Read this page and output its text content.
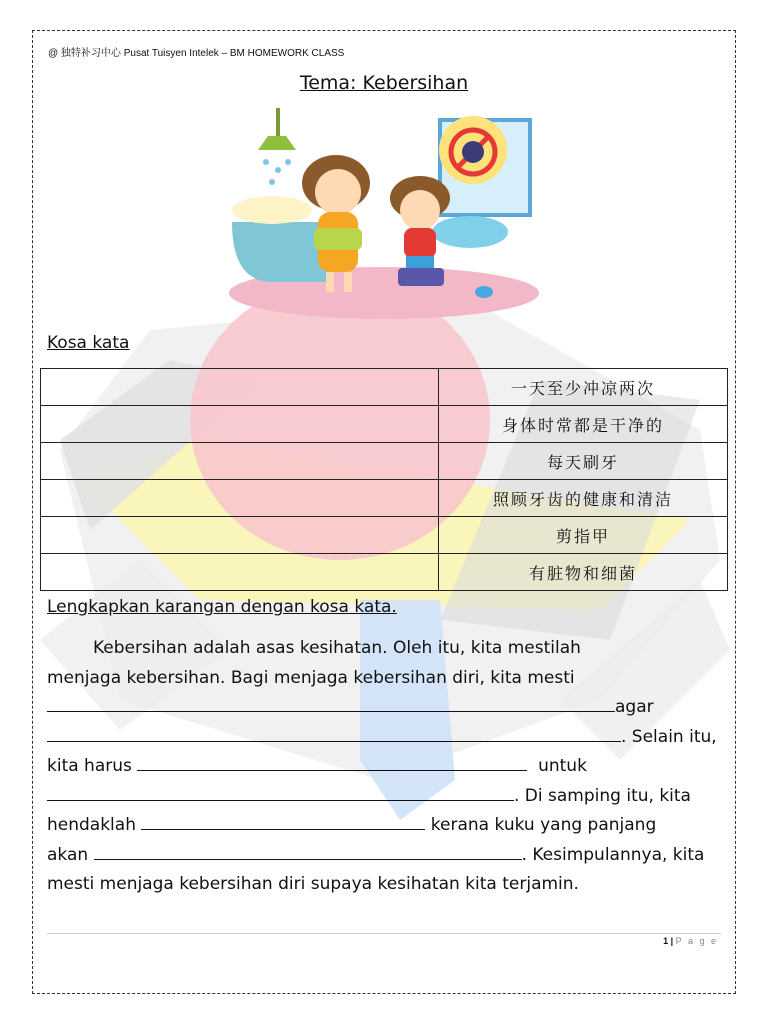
@ 独特补习中心 Pusat Tuisyen Intelek – BM HOMEWORK CLASS
Tema: Kebersihan
Kosa kata
	一天至少冲凉两次
	身体时常都是干净的
	每天刷牙
	照顾牙齿的健康和清洁
	剪指甲
	有脏物和细菌
Lengkapkan karangan dengan kosa kata.
Kebersihan adalah asas kesihatan. Oleh itu, kita mestilah
menjaga kebersihan. Bagi menjaga kebersihan diri, kita mesti
agar
. Selain itu,
kita harus	untuk
. Di samping itu, kita
hendaklah	kerana kuku yang panjang
akan	. Kesimpulannya, kita
mesti menjaga kebersihan diri supaya kesihatan kita terjamin.
1 | P a g e
